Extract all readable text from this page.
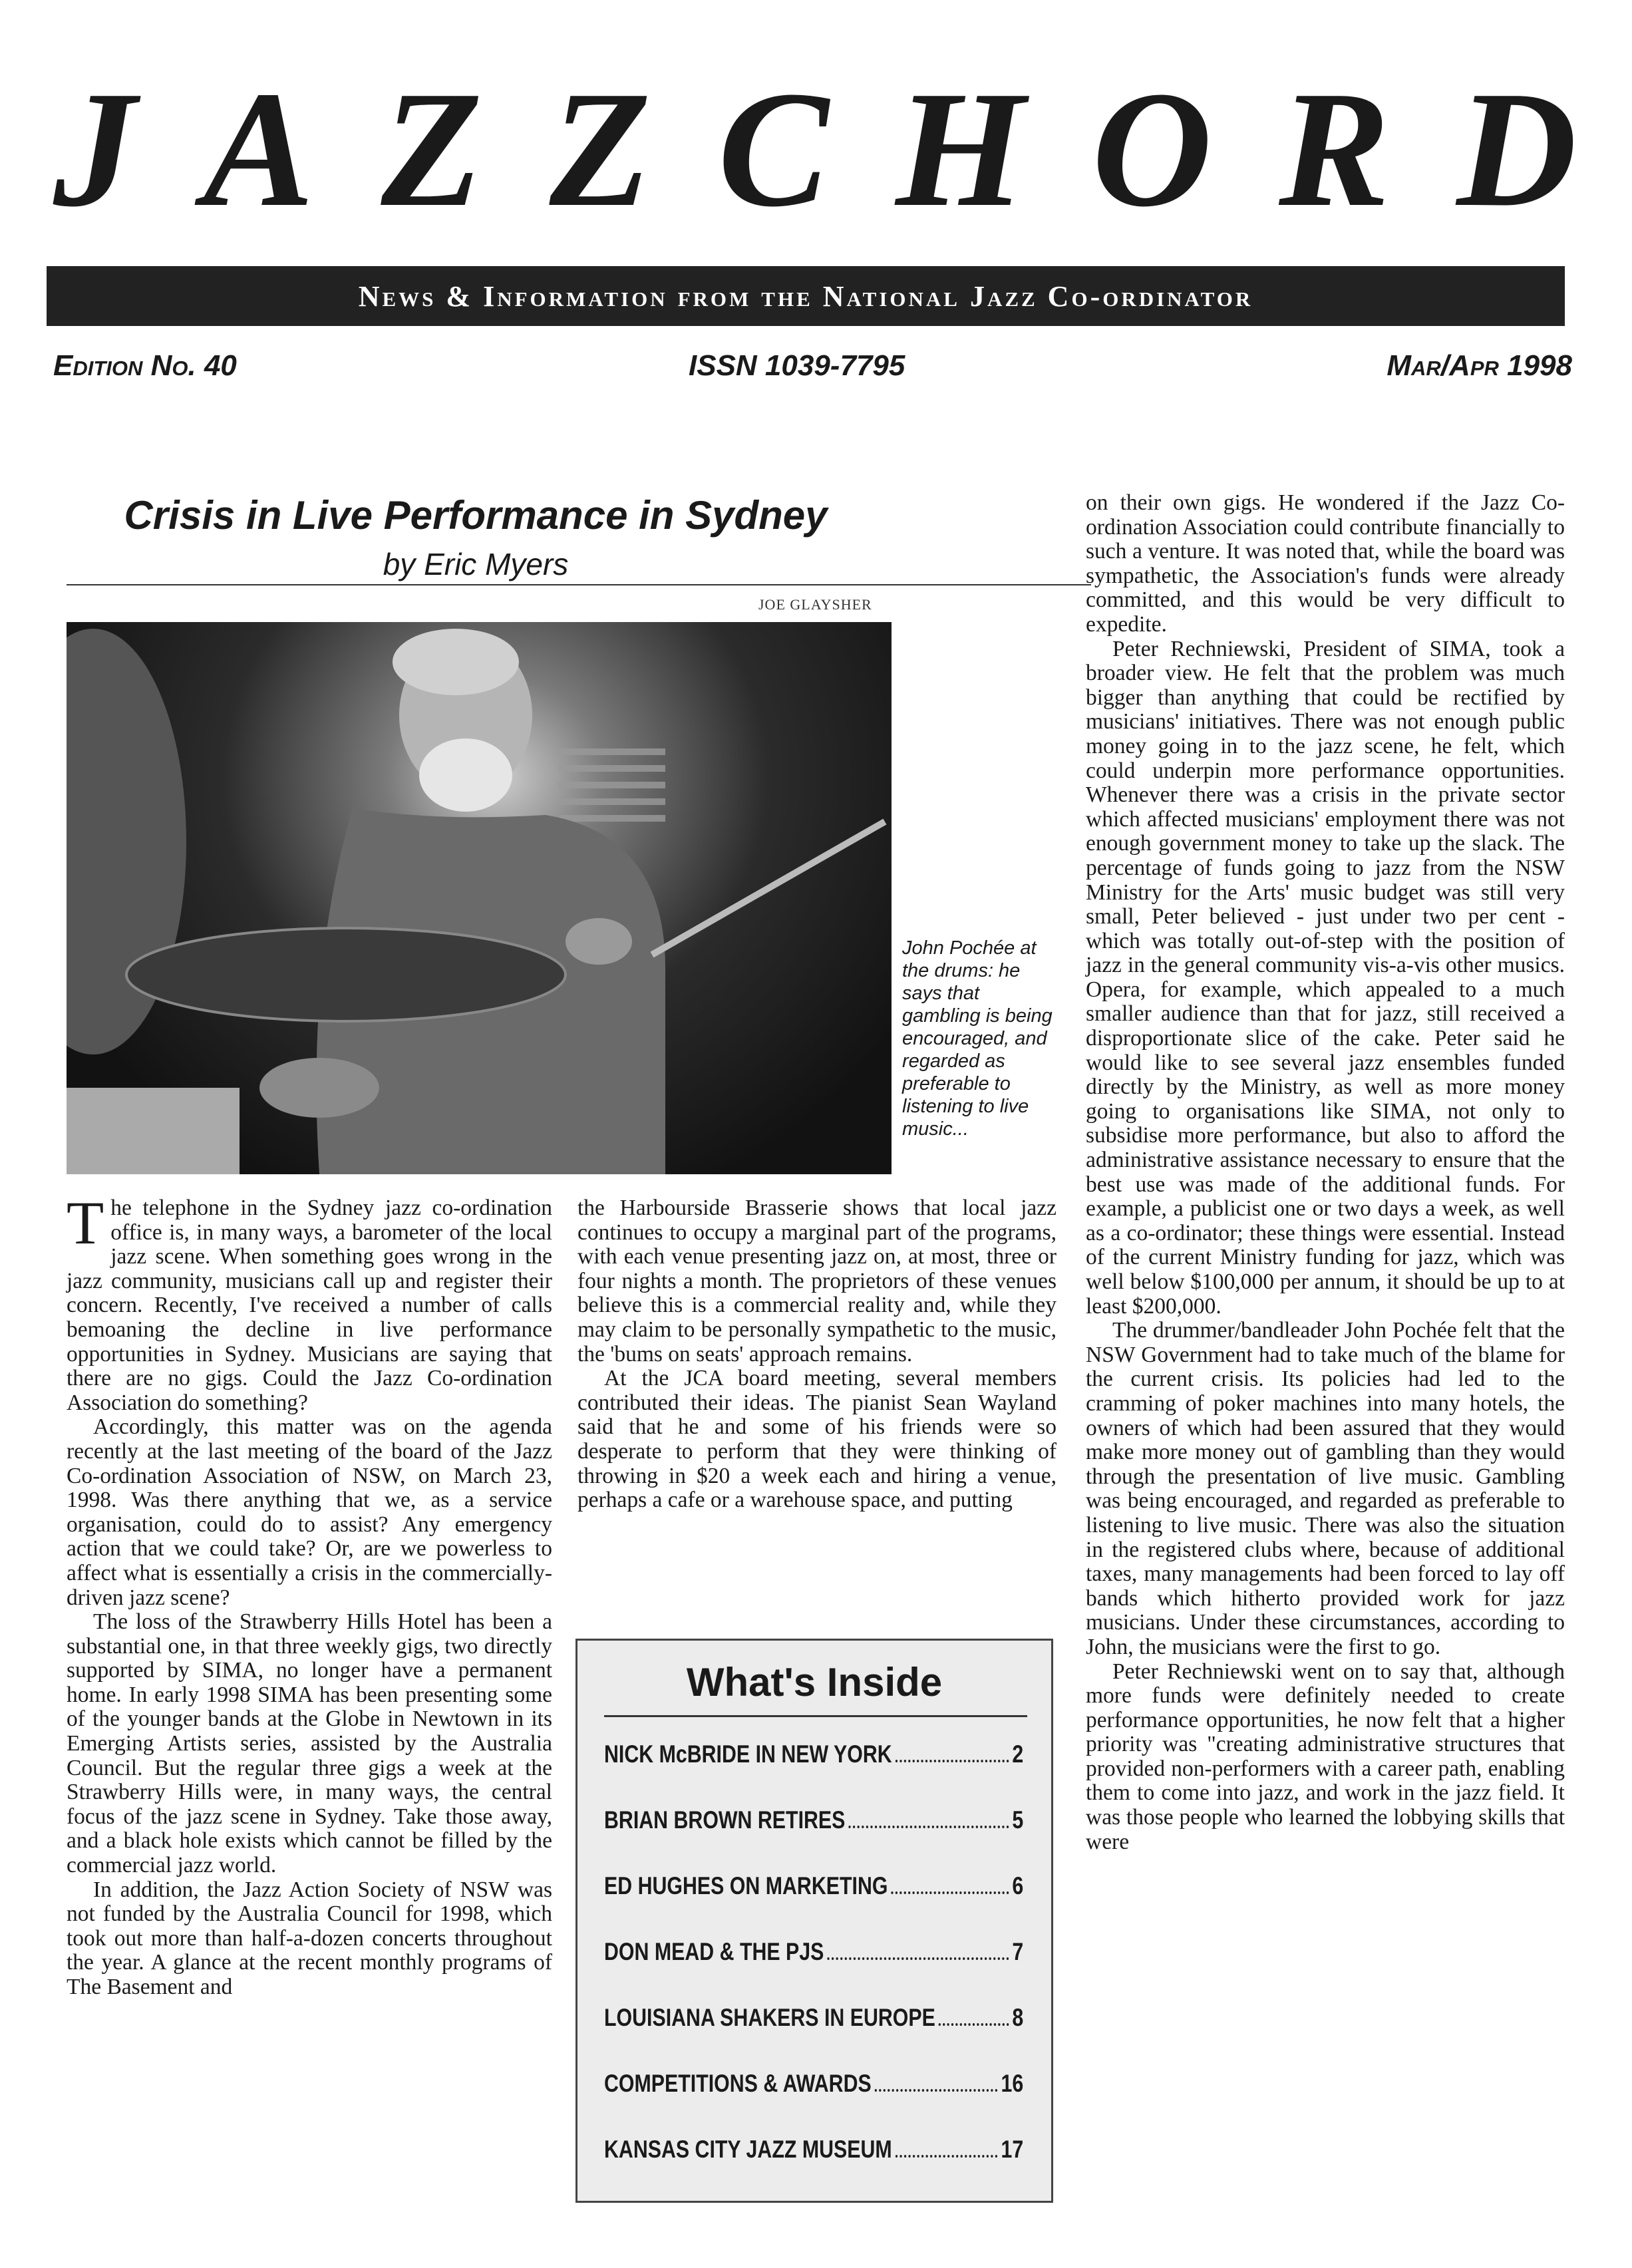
J A Z Z C H O R D
News & Information from the National Jazz Co-ordinator
Edition No. 40	ISSN 1039-7795	Mar/Apr 1998
Crisis in Live Performance in Sydney
by Eric Myers
JOE GLAYSHER
John Pochée at the drums: he says that gambling is being encouraged, and regarded as preferable to listening to live music...

The telephone in the Sydney jazz co-ordination office is, in many ways, a barometer of the local jazz scene. When something goes wrong in the jazz community, musicians call up and register their concern. Recently, I've received a number of calls bemoaning the decline in live performance opportunities in Sydney. Musicians are saying that there are no gigs. Could the Jazz Co-ordination Association do something?

Accordingly, this matter was on the agenda recently at the last meeting of the board of the Jazz Co-ordination Association of NSW, on March 23, 1998. Was there anything that we, as a service organisation, could do to assist? Any emergency action that we could take? Or, are we powerless to affect what is essentially a crisis in the commercially-driven jazz scene?

The loss of the Strawberry Hills Hotel has been a substantial one, in that three weekly gigs, two directly supported by SIMA, no longer have a permanent home. In early 1998 SIMA has been presenting some of the younger bands at the Globe in Newtown in its Emerging Artists series, assisted by the Australia Council. But the regular three gigs a week at the Strawberry Hills were, in many ways, the central focus of the jazz scene in Sydney. Take those away, and a black hole exists which cannot be filled by the commercial jazz world.

In addition, the Jazz Action Society of NSW was not funded by the Australia Council for 1998, which took out more than half-a-dozen concerts throughout the year. A glance at the recent monthly programs of The Basement and

the Harbourside Brasserie shows that local jazz continues to occupy a marginal part of the programs, with each venue presenting jazz on, at most, three or four nights a month. The proprietors of these venues believe this is a commercial reality and, while they may claim to be personally sympathetic to the music, the 'bums on seats' approach remains.

At the JCA board meeting, several members contributed their ideas. The pianist Sean Wayland said that he and some of his friends were so desperate to perform that they were thinking of throwing in $20 a week each and hiring a venue, perhaps a cafe or a warehouse space, and putting

on their own gigs. He wondered if the Jazz Co-ordination Association could contribute financially to such a venture. It was noted that, while the board was sympathetic, the Association's funds were already committed, and this would be very difficult to expedite.

Peter Rechniewski, President of SIMA, took a broader view. He felt that the problem was much bigger than anything that could be rectified by musicians' initiatives. There was not enough public money going in to the jazz scene, he felt, which could underpin more performance opportunities. Whenever there was a crisis in the private sector which affected musicians' employment there was not enough government money to take up the slack. The percentage of funds going to jazz from the NSW Ministry for the Arts' music budget was still very small, Peter believed - just under two per cent - which was totally out-of-step with the position of jazz in the general community vis-a-vis other musics. Opera, for example, which appealed to a much smaller audience than that for jazz, still received a disproportionate slice of the cake. Peter said he would like to see several jazz ensembles funded directly by the Ministry, as well as more money going to organisations like SIMA, not only to subsidise more performance, but also to afford the administrative assistance necessary to ensure that the best use was made of the additional funds. For example, a publicist one or two days a week, as well as a co-ordinator; these things were essential. Instead of the current Ministry funding for jazz, which was well below $100,000 per annum, it should be up to at least $200,000.

The drummer/bandleader John Pochée felt that the NSW Government had to take much of the blame for the current crisis. Its policies had led to the cramming of poker machines into many hotels, the owners of which had been assured that they would make more money out of gambling than they would through the presentation of live music. Gambling was being encouraged, and regarded as preferable to listening to live music. There was also the situation in the registered clubs where, because of additional taxes, many managements had been forced to lay off bands which hitherto provided work for jazz musicians. Under these circumstances, according to John, the musicians were the first to go.

Peter Rechniewski went on to say that, although more funds were definitely needed to create performance opportunities, he now felt that a higher priority was "creating administrative structures that provided non-performers with a career path, enabling them to come into jazz, and work in the jazz field. It was those people who learned the lobbying skills that were

What's Inside
NICK McBRIDE IN NEW YORK	2
BRIAN BROWN RETIRES	5
ED HUGHES ON MARKETING	6
DON MEAD & THE PJS	7
LOUISIANA SHAKERS IN EUROPE	8
COMPETITIONS & AWARDS	16
KANSAS CITY JAZZ MUSEUM	17
